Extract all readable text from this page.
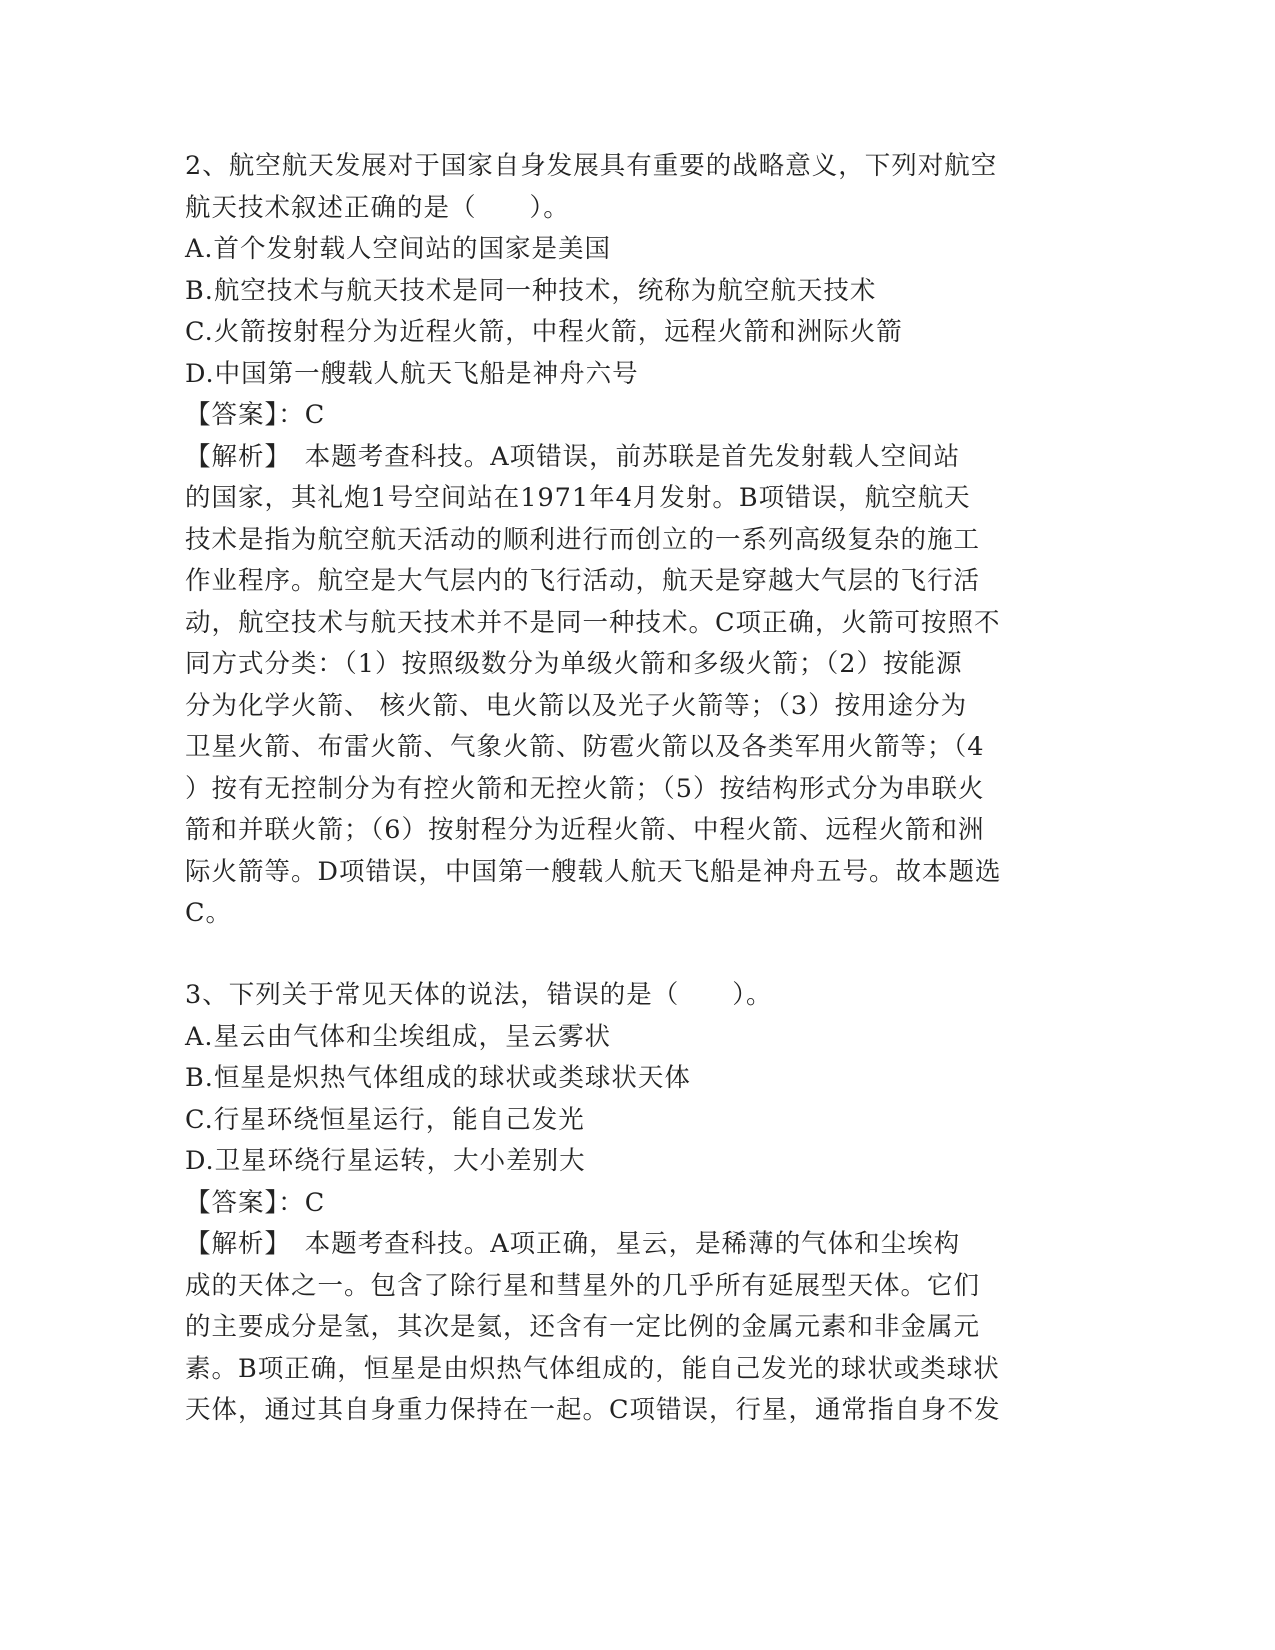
2、航空航天发展对于国家自身发展具有重要的战略意义，下列对航空
航天技术叙述正确的是（　　）。
A.首个发射载人空间站的国家是美国
B.航空技术与航天技术是同一种技术，统称为航空航天技术
C.火箭按射程分为近程火箭，中程火箭，远程火箭和洲际火箭
D.中国第一艘载人航天飞船是神舟六号
【答案】：C
【解析】　本题考查科技。A项错误，前苏联是首先发射载人空间站
的国家，其礼炮1号空间站在1971年4月发射。B项错误，航空航天
技术是指为航空航天活动的顺利进行而创立的一系列高级复杂的施工
作业程序。航空是大气层内的飞行活动，航天是穿越大气层的飞行活
动，航空技术与航天技术并不是同一种技术。C项正确，火箭可按照不
同方式分类：（1）按照级数分为单级火箭和多级火箭；（2）按能源
分为化学火箭、 核火箭、电火箭以及光子火箭等；（3）按用途分为
卫星火箭、布雷火箭、气象火箭、防雹火箭以及各类军用火箭等；（4
）按有无控制分为有控火箭和无控火箭；（5）按结构形式分为串联火
箭和并联火箭；（6）按射程分为近程火箭、中程火箭、远程火箭和洲
际火箭等。D项错误，中国第一艘载人航天飞船是神舟五号。故本题选
C。
3、下列关于常见天体的说法，错误的是（　　）。
A.星云由气体和尘埃组成，呈云雾状
B.恒星是炽热气体组成的球状或类球状天体
C.行星环绕恒星运行，能自己发光
D.卫星环绕行星运转，大小差别大
【答案】：C
【解析】　本题考查科技。A项正确，星云，是稀薄的气体和尘埃构
成的天体之一。包含了除行星和彗星外的几乎所有延展型天体。它们
的主要成分是氢，其次是氦，还含有一定比例的金属元素和非金属元
素。B项正确，恒星是由炽热气体组成的，能自己发光的球状或类球状
天体，通过其自身重力保持在一起。C项错误，行星，通常指自身不发
